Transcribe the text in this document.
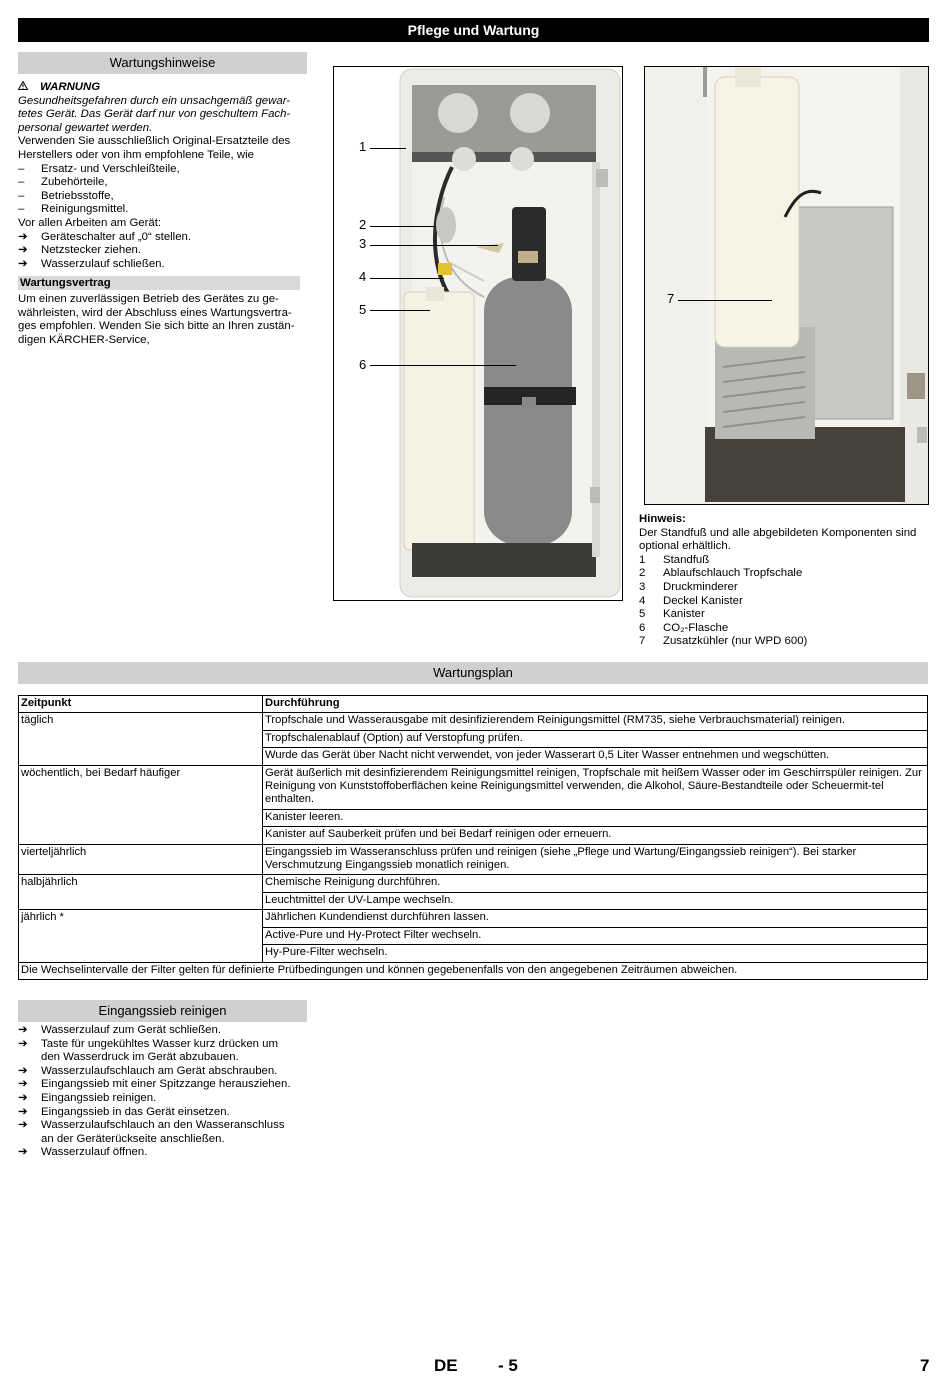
Pflege und Wartung
Wartungshinweise
WARNUNG
Gesundheitsgefahren durch ein unsachgemäß gewar-
tetes Gerät. Das Gerät darf nur von geschultem Fach-
personal gewartet werden.
Verwenden Sie ausschließlich Original-Ersatzteile des
Herstellers oder von ihm empfohlene Teile, wie
– Ersatz- und Verschleißteile,
– Zubehörteile,
– Betriebsstoffe,
– Reinigungsmittel.
Vor allen Arbeiten am Gerät:
➔ Geräteschalter auf „0“ stellen.
➔ Netzstecker ziehen.
➔ Wasserzulauf schließen.
Wartungsvertrag
Um einen zuverlässigen Betrieb des Gerätes zu ge-
währleisten, wird der Abschluss eines Wartungsvertra-
ges empfohlen. Wenden Sie sich bitte an Ihren zustän-
digen KÄRCHER-Service,
1
2
3
4
5
6
7
Hinweis:
Der Standfuß und alle abgebildeten Komponenten sind
optional erhältlich.
1 Standfuß
2 Ablaufschlauch Tropfschale
3 Druckminderer
4 Deckel Kanister
5 Kanister
6 CO₂-Flasche
7 Zusatzkühler (nur WPD 600)
Wartungsplan
Zeitpunkt	Durchführung
täglich	Tropfschale und Wasserausgabe mit desinfizierendem Reinigungsmittel (RM735, siehe Verbrauchsmaterial) reinigen.
	Tropfschalenablauf (Option) auf Verstopfung prüfen.
	Wurde das Gerät über Nacht nicht verwendet, von jeder Wasserart 0,5 Liter Wasser entnehmen und wegschütten.
wöchentlich, bei Bedarf häufiger	Gerät äußerlich mit desinfizierendem Reinigungsmittel reinigen, Tropfschale mit heißem Wasser oder im Geschirrspüler reinigen. Zur Reinigung von Kunststoffoberflächen keine Reinigungsmittel verwenden, die Alkohol, Säure-Bestandteile oder Scheuermit-tel enthalten.
	Kanister leeren.
	Kanister auf Sauberkeit prüfen und bei Bedarf reinigen oder erneuern.
vierteljährlich	Eingangssieb im Wasseranschluss prüfen und reinigen (siehe „Pflege und Wartung/Eingangssieb reinigen“). Bei starker Verschmutzung Eingangssieb monatlich reinigen.
halbjährlich	Chemische Reinigung durchführen.
	Leuchtmittel der UV-Lampe wechseln.
jährlich *	Jährlichen Kundendienst durchführen lassen.
	Active-Pure und Hy-Protect Filter wechseln.
	Hy-Pure-Filter wechseln.
Die Wechselintervalle der Filter gelten für definierte Prüfbedingungen und können gegebenenfalls von den angegebenen Zeiträumen abweichen.	
Eingangssieb reinigen
➔ Wasserzulauf zum Gerät schließen.
➔ Taste für ungekühltes Wasser kurz drücken um
den Wasserdruck im Gerät abzubauen.
➔ Wasserzulaufschlauch am Gerät abschrauben.
➔ Eingangssieb mit einer Spitzzange herausziehen.
➔ Eingangssieb reinigen.
➔ Eingangssieb in das Gerät einsetzen.
➔ Wasserzulaufschlauch an den Wasseranschluss
an der Geräterückseite anschließen.
➔ Wasserzulauf öffnen.
DE - 5	7
